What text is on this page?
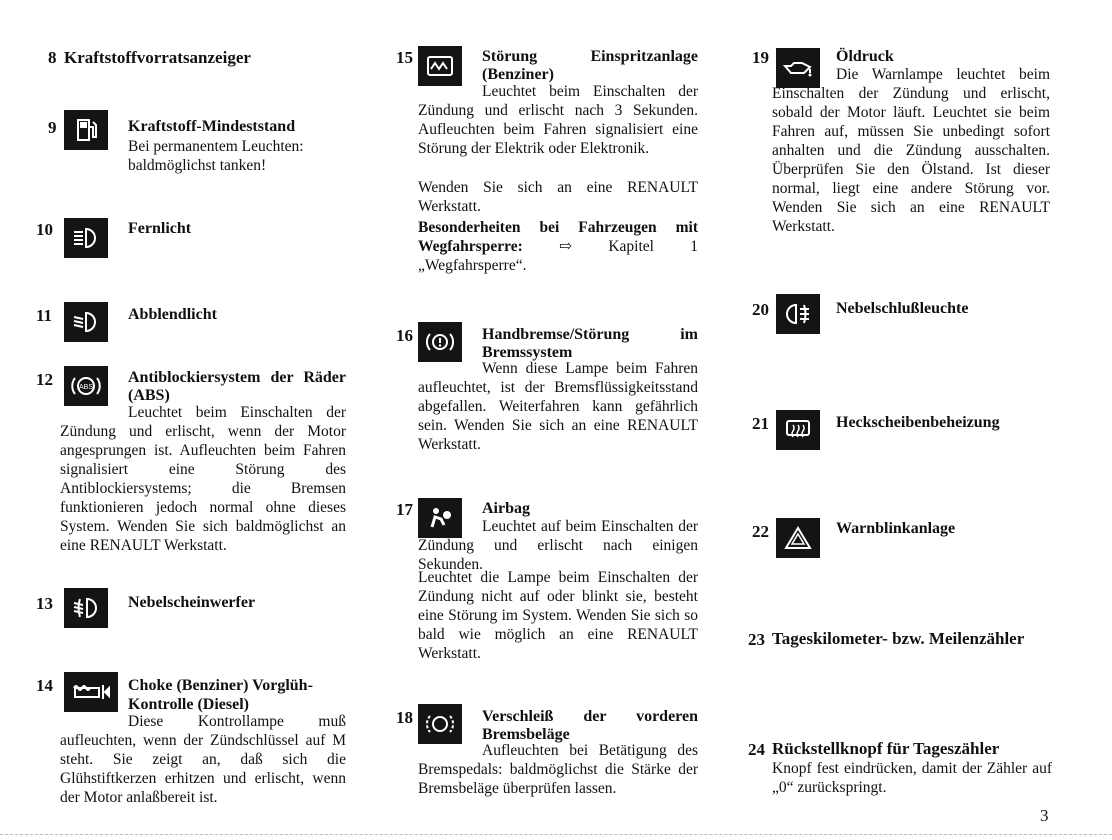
8 Kraftstoffvorratsanzeiger
9	Kraftstoff-Mindeststand
Bei permanentem Leuchten: baldmöglichst tanken!
10	Fernlicht
11	Abblendlicht
12	ABS
Antiblockiersystem der Räder (ABS)
Leuchtet beim Einschalten der Zündung und erlischt, wenn der Motor angesprungen ist. Aufleuchten beim Fahren signalisiert eine Störung des Antiblockiersystems; die Bremsen funktionieren jedoch normal ohne dieses System. Wenden Sie sich baldmöglichst an eine RENAULT Werkstatt.
13	Nebelscheinwerfer
14	Choke (Benziner) Vorglüh-Kontrolle (Diesel)
Diese Kontrollampe muß aufleuchten, wenn der Zündschlüssel auf M steht. Sie zeigt an, daß sich die Glühstiftkerzen erhitzen und erlischt, wenn der Motor anlaßbereit ist.
15	Störung Einspritzanlage (Benziner)
Leuchtet beim Einschalten der Zündung und erlischt nach 3 Sekunden. Aufleuchten beim Fahren signalisiert eine Störung der Elektrik oder Elektronik.
Wenden Sie sich an eine RENAULT Werkstatt.
Besonderheiten bei Fahrzeugen mit Wegfahrsperre: ⇨ Kapitel 1 „Wegfahrsperre“.
16	Handbremse/Störung im Bremssystem
Wenn diese Lampe beim Fahren aufleuchtet, ist der Bremsflüssigkeitsstand abgefallen. Weiterfahren kann gefährlich sein. Wenden Sie sich an eine RENAULT Werkstatt.
17	Airbag
Leuchtet auf beim Einschalten der Zündung und erlischt nach einigen Sekunden.
Leuchtet die Lampe beim Einschalten der Zündung nicht auf oder blinkt sie, besteht eine Störung im System. Wenden Sie sich so bald wie möglich an eine RENAULT Werkstatt.
18	Verschleiß der vorderen Bremsbeläge
Aufleuchten bei Betätigung des Bremspedals: baldmöglichst die Stärke der Bremsbeläge überprüfen lassen.
19	Öldruck
Die Warnlampe leuchtet beim Einschalten der Zündung und erlischt, sobald der Motor läuft. Leuchtet sie beim Fahren auf, müssen Sie unbedingt sofort anhalten und die Zündung ausschalten. Überprüfen Sie den Ölstand. Ist dieser normal, liegt eine andere Störung vor. Wenden Sie sich an eine RENAULT Werkstatt.
20	Nebelschlußleuchte
21	Heckscheibenbeheizung
22	Warnblinkanlage
23 Tageskilometer- bzw. Meilenzähler
24 Rückstellknopf für Tageszähler
Knopf fest eindrücken, damit der Zähler auf „0“ zurückspringt.
3
